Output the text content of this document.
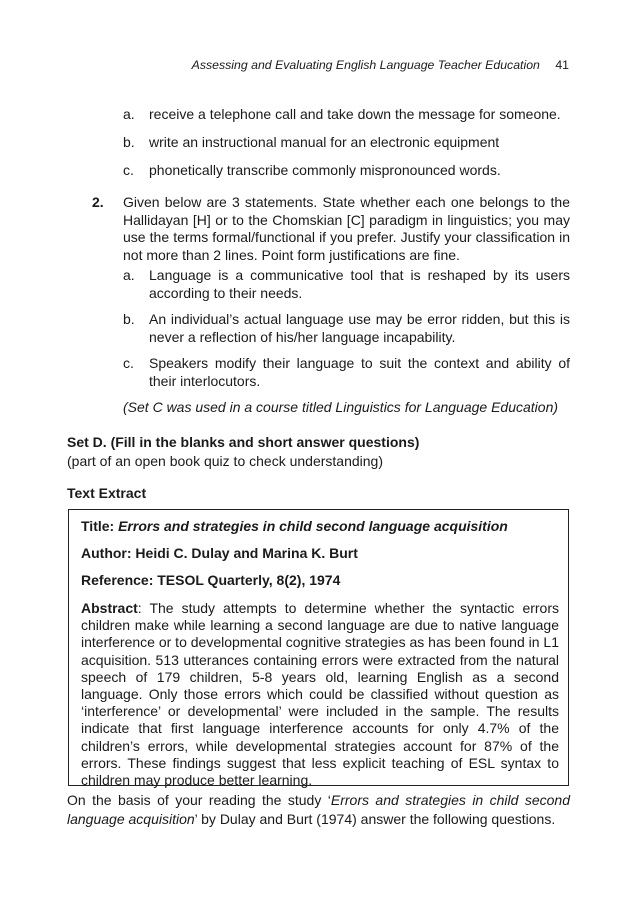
Assessing and Evaluating English Language Teacher Education 41
a. receive a telephone call and take down the message for someone.
b. write an instructional manual for an electronic equipment
c. phonetically transcribe commonly mispronounced words.
2. Given below are 3 statements. State whether each one belongs to the Hallidayan [H] or to the Chomskian [C] paradigm in linguistics; you may use the terms formal/functional if you prefer. Justify your classification in not more than 2 lines. Point form justifications are fine.
a. Language is a communicative tool that is reshaped by its users according to their needs.
b. An individual’s actual language use may be error ridden, but this is never a reflection of his/her language incapability.
c. Speakers modify their language to suit the context and ability of their interlocutors.
(Set C was used in a course titled Linguistics for Language Education)
Set D. (Fill in the blanks and short answer questions)
(part of an open book quiz to check understanding)
Text Extract
Title: Errors and strategies in child second language acquisition
Author: Heidi C. Dulay and Marina K. Burt
Reference: TESOL Quarterly, 8(2), 1974
Abstract: The study attempts to determine whether the syntactic errors children make while learning a second language are due to native language interference or to developmental cognitive strategies as has been found in L1 acquisition. 513 utterances containing errors were extracted from the natural speech of 179 children, 5-8 years old, learning English as a second language. Only those errors which could be classified without question as ‘interference’ or developmental’ were included in the sample. The results indicate that first language interference accounts for only 4.7% of the children’s errors, while developmental strategies account for 87% of the errors. These findings suggest that less explicit teaching of ESL syntax to children may produce better learning.
On the basis of your reading the study ‘Errors and strategies in child second language acquisition’ by Dulay and Burt (1974) answer the following questions.
